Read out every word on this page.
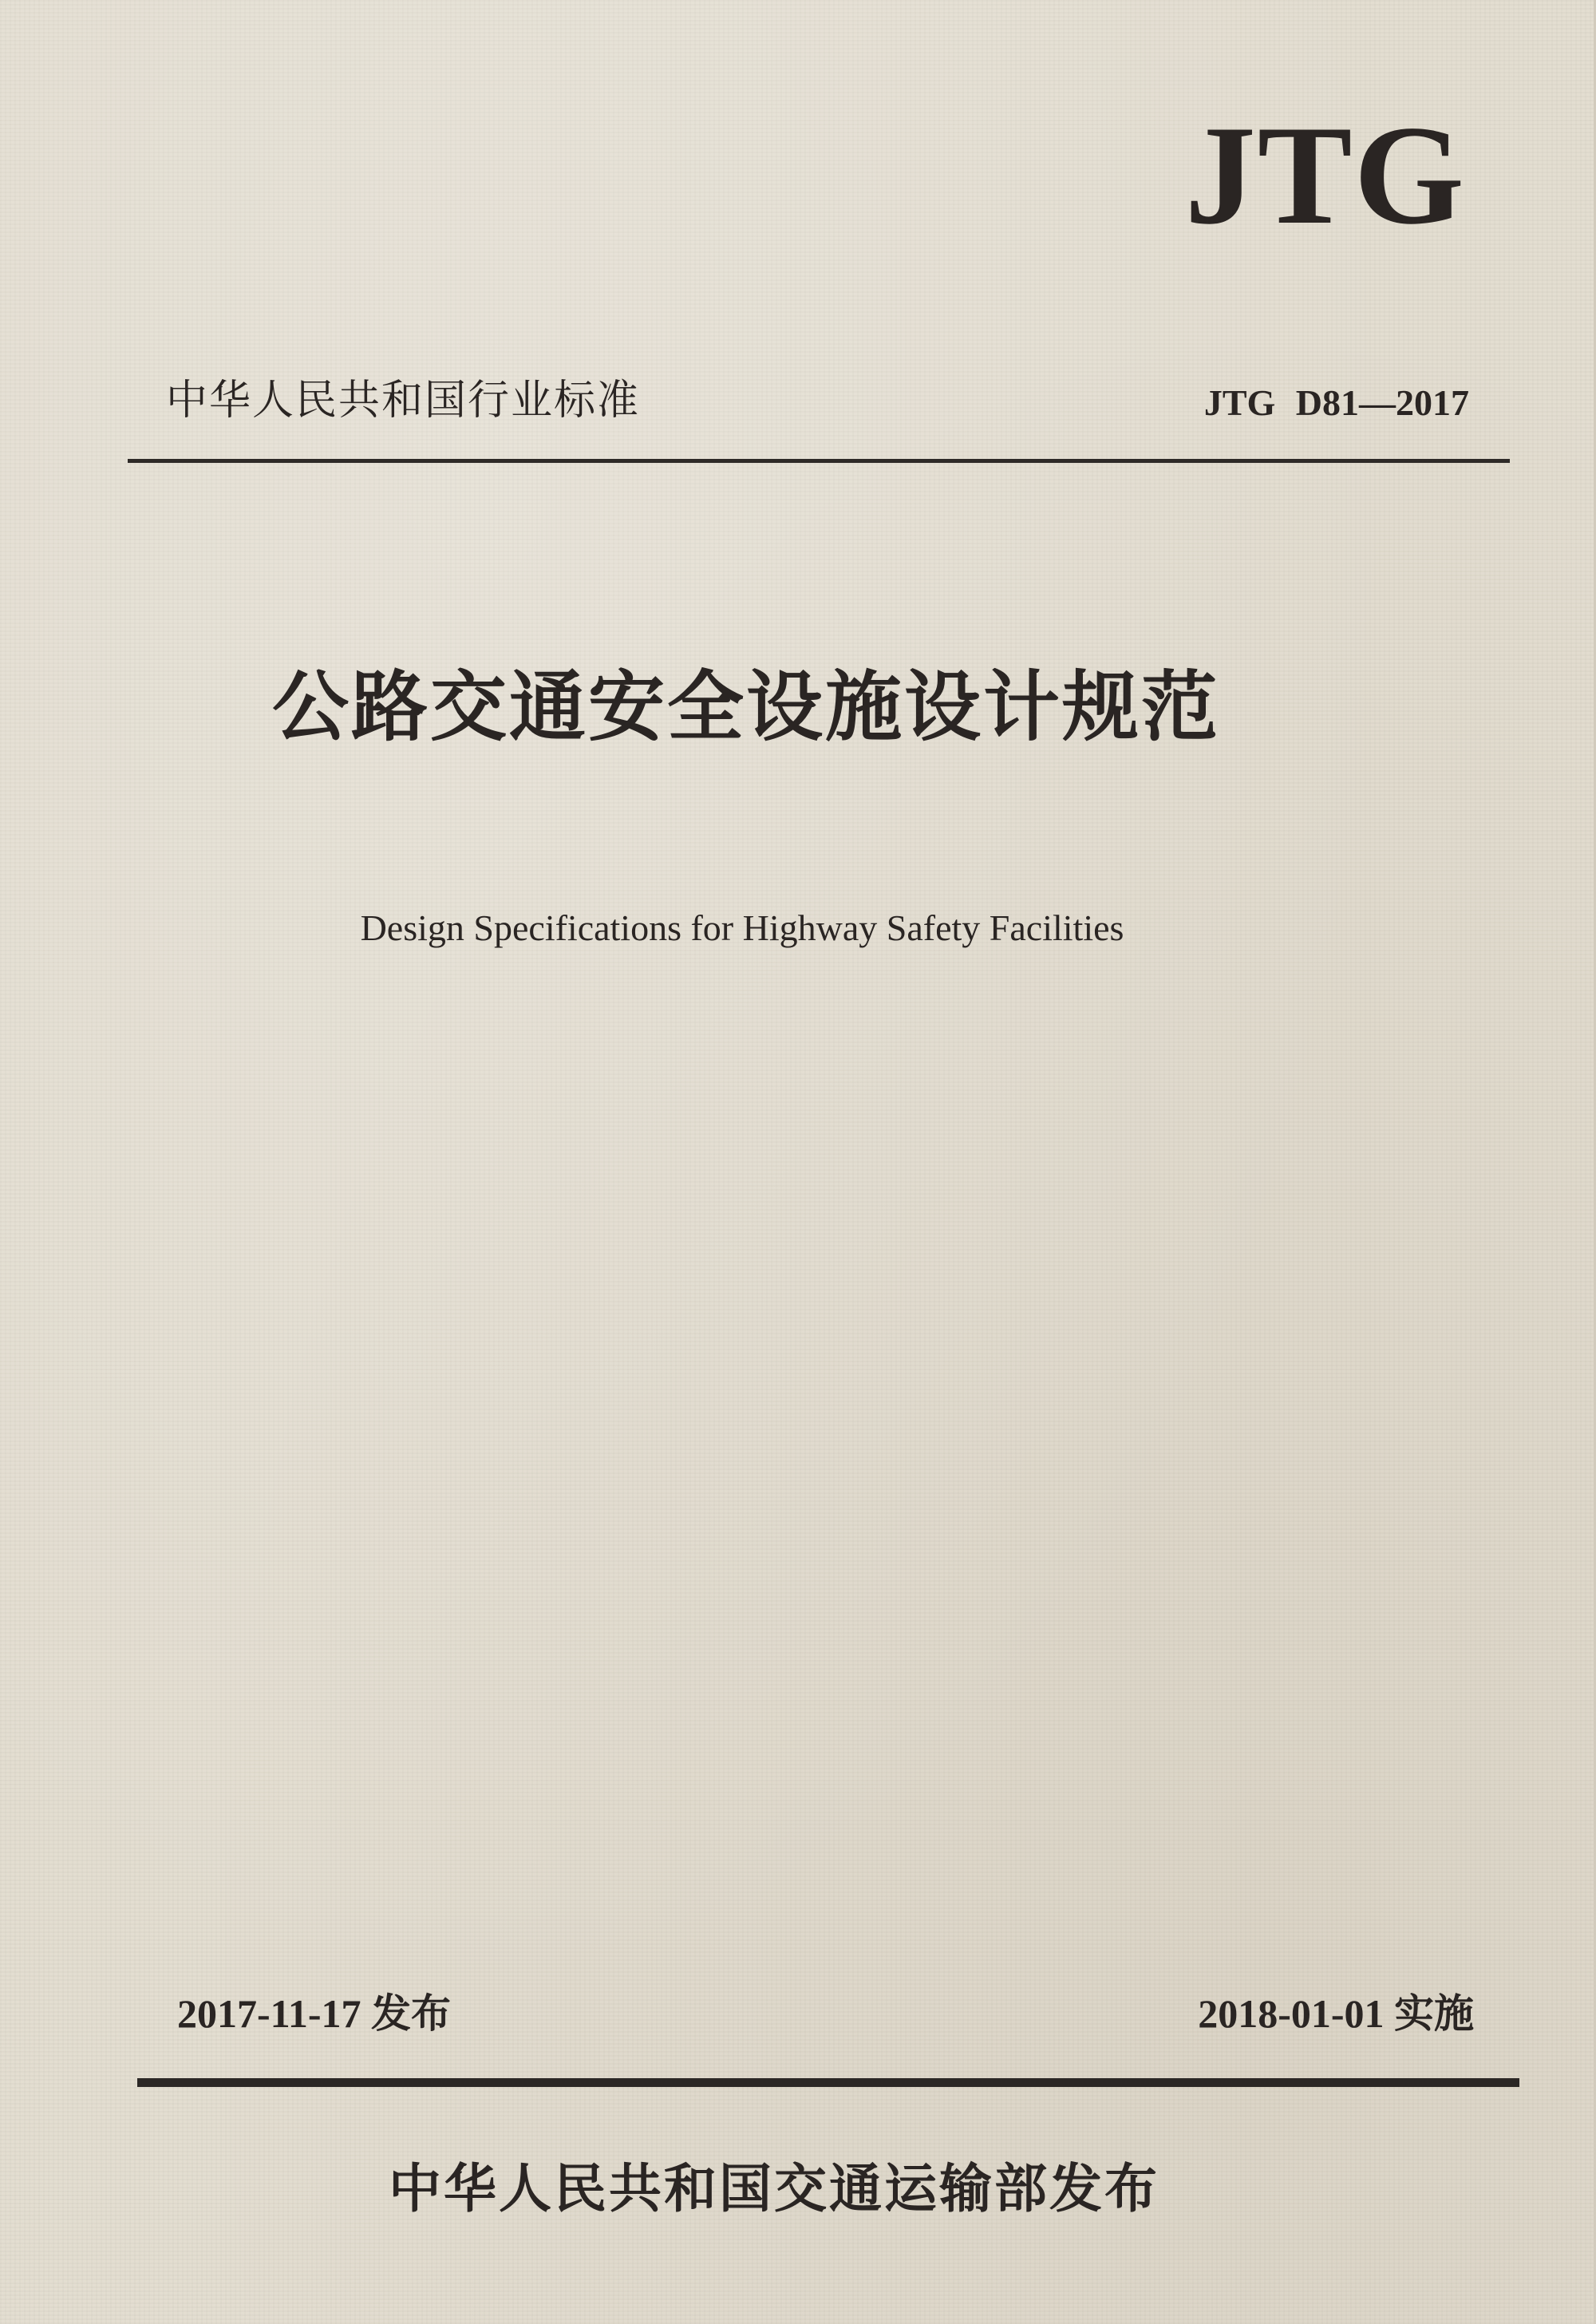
JTG
中华人民共和国行业标准	JTG D81—2017
公路交通安全设施设计规范
Design Specifications for Highway Safety Facilities
2017-11-17 发布	2018-01-01 实施
中华人民共和国交通运输部发布
